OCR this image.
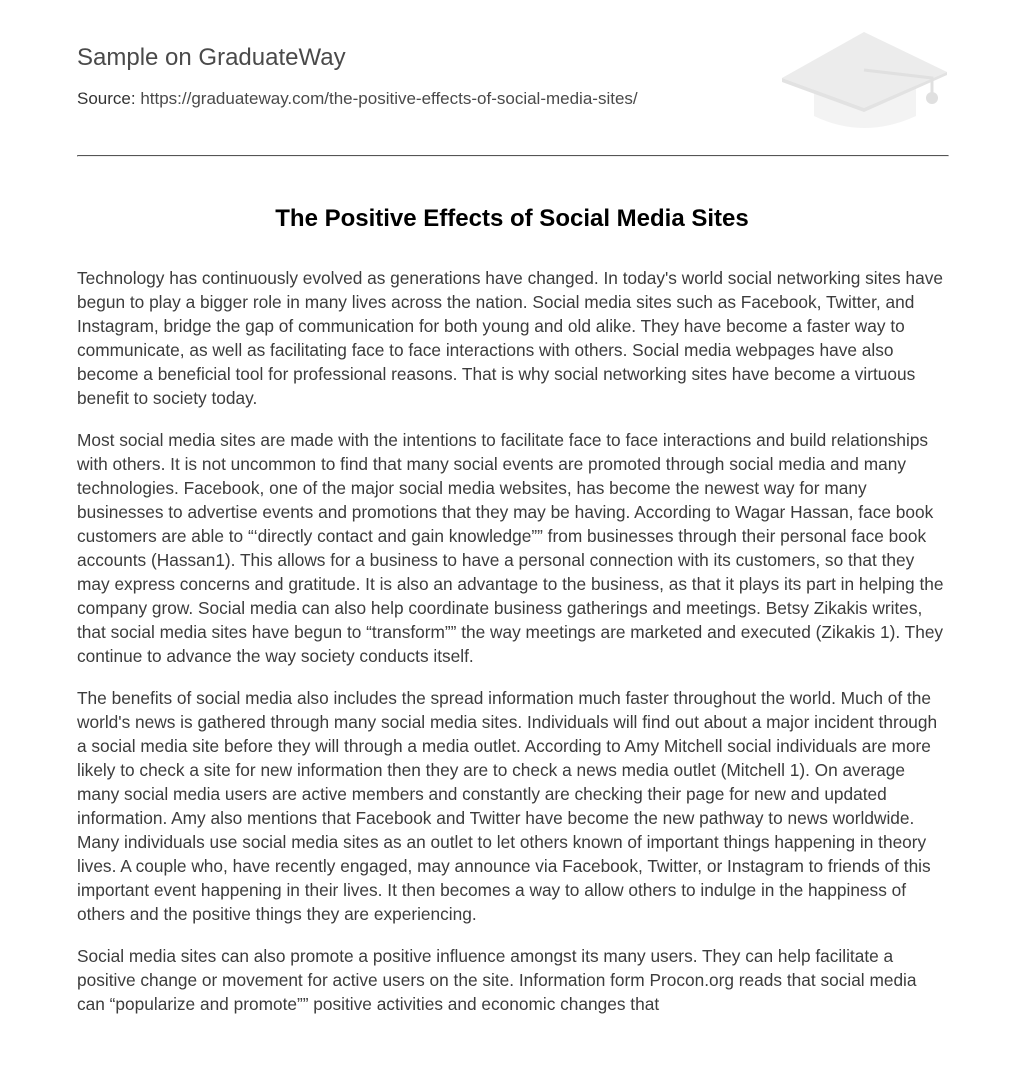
Sample on GraduateWay
Source: https://graduateway.com/the-positive-effects-of-social-media-sites/
The Positive Effects of Social Media Sites

Technology has continuously evolved as generations have changed. In today's world social networking sites have begun to play a bigger role in many lives across the nation. Social media sites such as Facebook, Twitter, and Instagram, bridge the gap of communication for both young and old alike. They have become a faster way to communicate, as well as facilitating face to face interactions with others. Social media webpages have also become a beneficial tool for professional reasons. That is why social networking sites have become a virtuous benefit to society today.

Most social media sites are made with the intentions to facilitate face to face interactions and build relationships with others. It is not uncommon to find that many social events are promoted through social media and many technologies. Facebook, one of the major social media websites, has become the newest way for many businesses to advertise events and promotions that they may be having. According to Wagar Hassan, face book customers are able to “‘directly contact and gain knowledge”” from businesses through their personal face book accounts (Hassan1). This allows for a business to have a personal connection with its customers, so that they may express concerns and gratitude. It is also an advantage to the business, as that it plays its part in helping the company grow. Social media can also help coordinate business gatherings and meetings. Betsy Zikakis writes, that social media sites have begun to “transform”” the way meetings are marketed and executed (Zikakis 1). They continue to advance the way society conducts itself.

The benefits of social media also includes the spread information much faster throughout the world. Much of the world's news is gathered through many social media sites. Individuals will find out about a major incident through a social media site before they will through a media outlet. According to Amy Mitchell social individuals are more likely to check a site for new information then they are to check a news media outlet (Mitchell 1). On average many social media users are active members and constantly are checking their page for new and updated information. Amy also mentions that Facebook and Twitter have become the new pathway to news worldwide. Many individuals use social media sites as an outlet to let others known of important things happening in theory lives. A couple who, have recently engaged, may announce via Facebook, Twitter, or Instagram to friends of this important event happening in their lives. It then becomes a way to allow others to indulge in the happiness of others and the positive things they are experiencing.

Social media sites can also promote a positive influence amongst its many users. They can help facilitate a positive change or movement for active users on the site. Information form Procon.org reads that social media can “popularize and promote”” positive activities and economic changes that
